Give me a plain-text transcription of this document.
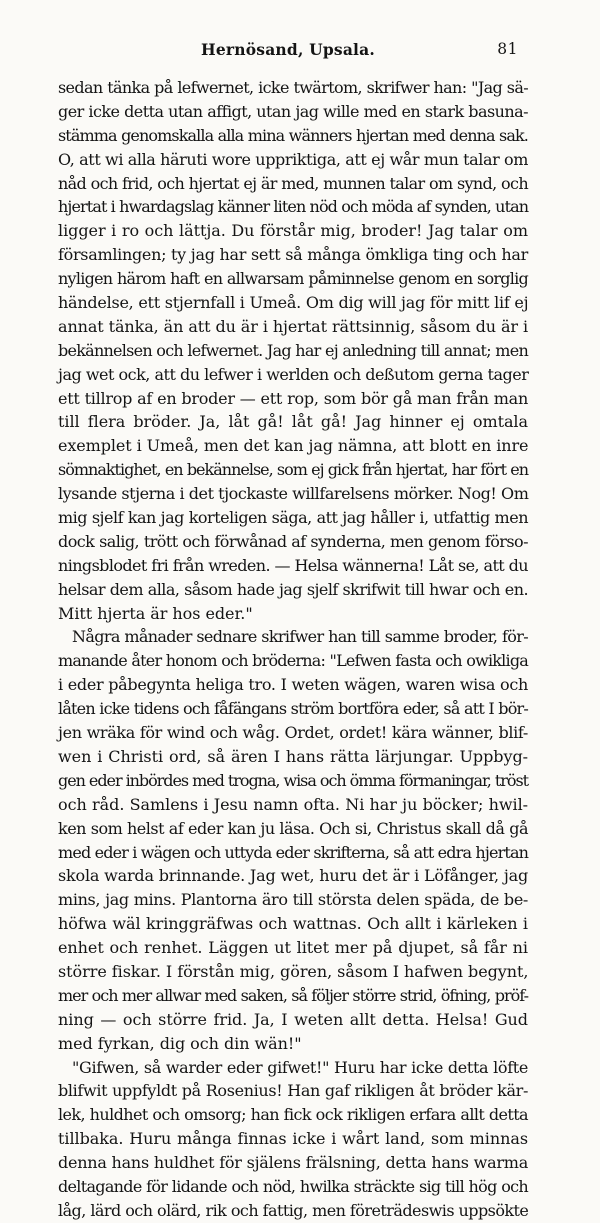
Hernösand, Upsala.	81
sedan tänka på lefwernet, icke twärtom, skrifwer han: "Jag sä-
ger icke detta utan affigt, utan jag wille med en stark basuna-
stämma genomskalla alla mina wänners hjertan med denna sak.
O, att wi alla häruti wore uppriktiga, att ej wår mun talar om
nåd och frid, och hjertat ej är med, munnen talar om synd, och
hjertat i hwardagslag känner liten nöd och möda af synden, utan
ligger i ro och lättja. Du förstår mig, broder! Jag talar om
församlingen; ty jag har sett så många ömkliga ting och har
nyligen härom haft en allwarsam påminnelse genom en sorglig
händelse, ett stjernfall i Umeå. Om dig will jag för mitt lif ej
annat tänka, än att du är i hjertat rättsinnig, såsom du är i
bekännelsen och lefwernet. Jag har ej anledning till annat; men
jag wet ock, att du lefwer i werlden och deßutom gerna tager
ett tillrop af en broder — ett rop, som bör gå man från man
till flera bröder. Ja, låt gå! låt gå! Jag hinner ej omtala
exemplet i Umeå, men det kan jag nämna, att blott en inre
sömnaktighet, en bekännelse, som ej gick från hjertat, har fört en
lysande stjerna i det tjockaste willfarelsens mörker. Nog! Om
mig sjelf kan jag korteligen säga, att jag håller i, utfattig men
dock salig, trött och förwånad af synderna, men genom förso-
ningsblodet fri från wreden. — Helsa wännerna! Låt se, att du
helsar dem alla, såsom hade jag sjelf skrifwit till hwar och en.
Mitt hjerta är hos eder."
Några månader sednare skrifwer han till samme broder, för-
manande åter honom och bröderna: "Lefwen fasta och owikliga
i eder påbegynta heliga tro. I weten wägen, waren wisa och
låten icke tidens och fåfängans ström bortföra eder, så att I bör-
jen wräka för wind och wåg. Ordet, ordet! kära wänner, blif-
wen i Christi ord, så ären I hans rätta lärjungar. Uppbyg-
gen eder inbördes med trogna, wisa och ömma förmaningar, tröst
och råd. Samlens i Jesu namn ofta. Ni har ju böcker; hwil-
ken som helst af eder kan ju läsa. Och si, Christus skall då gå
med eder i wägen och uttyda eder skrifterna, så att edra hjertan
skola warda brinnande. Jag wet, huru det är i Löfånger, jag
mins, jag mins. Plantorna äro till största delen späda, de be-
höfwa wäl kringgräfwas och wattnas. Och allt i kärleken i
enhet och renhet. Läggen ut litet mer på djupet, så får ni
större fiskar. I förstån mig, gören, såsom I hafwen begynt,
mer och mer allwar med saken, så följer större strid, öfning, pröf-
ning — och större frid. Ja, I weten allt detta. Helsa! Gud
med fyrkan, dig och din wän!"
"Gifwen, så warder eder gifwet!" Huru har icke detta löfte
blifwit uppfyldt på Rosenius! Han gaf rikligen åt bröder kär-
lek, huldhet och omsorg; han fick ock rikligen erfara allt detta
tillbaka. Huru många finnas icke i wårt land, som minnas
denna hans huldhet för själens frälsning, detta hans warma
deltagande för lidande och nöd, hwilka sträckte sig till hög och
låg, lärd och olärd, rik och fattig, men företrädeswis uppsökte
